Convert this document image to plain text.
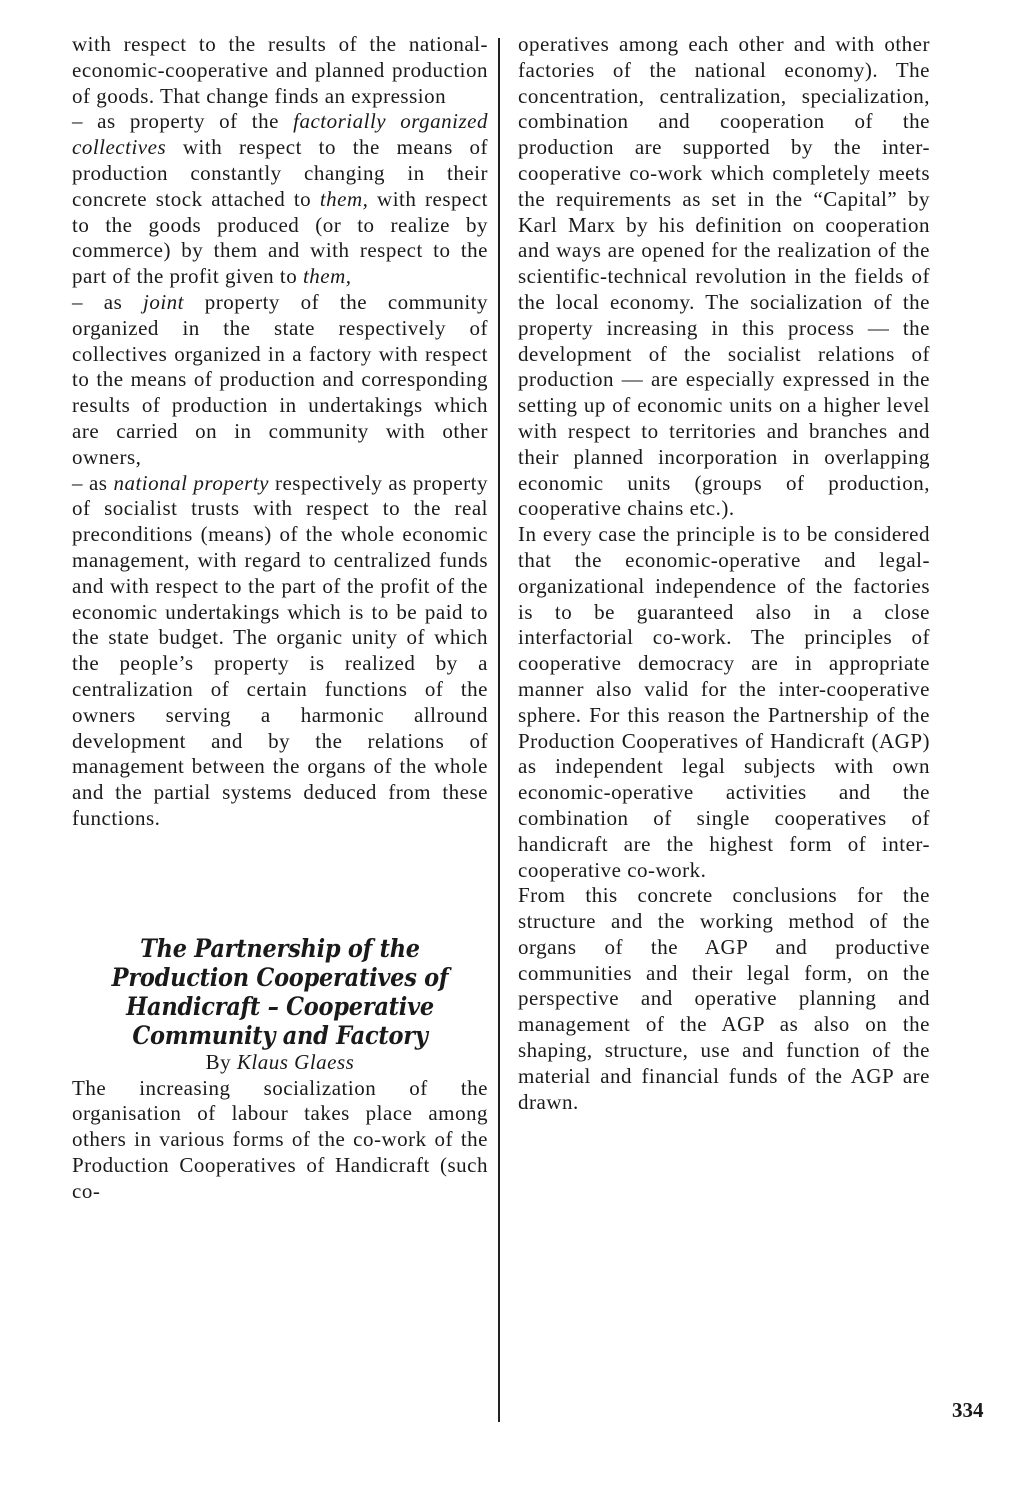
with respect to the results of the national-economic-cooperative and planned production of goods. That change finds an expression

– as property of the factorially organized collectives with respect to the means of production constantly changing in their concrete stock attached to them, with respect to the goods produced (or to realize by commerce) by them and with respect to the part of the profit given to them,

– as joint property of the community organized in the state respectively of collectives organized in a factory with respect to the means of production and corresponding results of production in undertakings which are carried on in community with other owners,

– as national property respectively as property of socialist trusts with respect to the real preconditions (means) of the whole economic management, with regard to centralized funds and with respect to the part of the profit of the economic undertakings which is to be paid to the state budget. The organic unity of which the people’s property is realized by a centralization of certain functions of the owners serving a harmonic allround development and by the relations of management between the organs of the whole and the partial systems deduced from these functions.

The Partnership of the Production Cooperatives of Handicraft – Cooperative Community and Factory

By Klaus Glaess

The increasing socialization of the organisation of labour takes place among others in various forms of the co-work of the Production Cooperatives of Handicraft (such co-

operatives among each other and with other factories of the national economy). The concentration, centralization, specialization, combination and cooperation of the production are supported by the inter-cooperative co-work which completely meets the requirements as set in the “Capital” by Karl Marx by his definition on cooperation and ways are opened for the realization of the scientific-technical revolution in the fields of the local economy. The socialization of the property increasing in this process — the development of the socialist relations of production — are especially expressed in the setting up of economic units on a higher level with respect to territories and branches and their planned incorporation in overlapping economic units (groups of production, cooperative chains etc.).

In every case the principle is to be considered that the economic-operative and legal-organizational independence of the factories is to be guaranteed also in a close interfactorial co-work. The principles of cooperative democracy are in appropriate manner also valid for the inter-cooperative sphere. For this reason the Partnership of the Production Cooperatives of Handicraft (AGP) as independent legal subjects with own economic-operative activities and the combination of single cooperatives of handicraft are the highest form of inter-cooperative co-work.

From this concrete conclusions for the structure and the working method of the organs of the AGP and productive communities and their legal form, on the perspective and operative planning and management of the AGP as also on the shaping, structure, use and function of the material and financial funds of the AGP are drawn.

334
